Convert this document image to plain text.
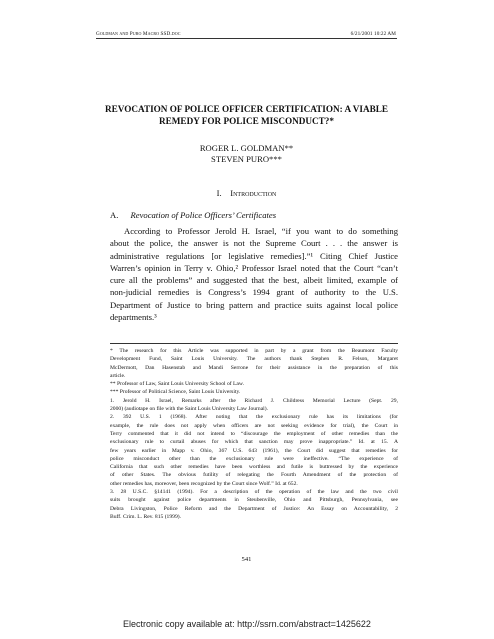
Goldman and Puro Macro SSD.doc	6/21/2001 10:22 AM
REVOCATION OF POLICE OFFICER CERTIFICATION: A VIABLE
REMEDY FOR POLICE MISCONDUCT?*
ROGER L. GOLDMAN**
STEVEN PURO***
I. Introduction
A. Revocation of Police Officers’ Certificates
According to Professor Jerold H. Israel, “if you want to do something
about the police, the answer is not the Supreme Court . . . the answer is
administrative regulations [or legislative remedies].”¹ Citing Chief Justice
Warren’s opinion in Terry v. Ohio,² Professor Israel noted that the Court “can’t
cure all the problems” and suggested that the best, albeit limited, example of
non-judicial remedies is Congress’s 1994 grant of authority to the U.S.
Department of Justice to bring pattern and practice suits against local police
departments.³
* The research for this Article was supported in part by a grant from the Beaumont Faculty
Development Fund, Saint Louis University. The authors thank Stephen R. Felson, Margaret
McDermott, Dan Hasenstab and Mandi Serrone for their assistance in the preparation of this
article.
** Professor of Law, Saint Louis University School of Law.
*** Professor of Political Science, Saint Louis University.
1. Jerold H. Israel, Remarks after the Richard J. Childress Memorial Lecture (Sept. 29,
2000) (audiotape on file with the Saint Louis University Law Journal).
2. 392 U.S. 1 (1968). After noting that the exclusionary rule has its limitations (for
example, the rule does not apply when officers are not seeking evidence for trial), the Court in
Terry commented that it did not intend to “discourage the employment of other remedies than the
exclusionary rule to curtail abuses for which that sanction may prove inappropriate.” Id. at 15. A
few years earlier in Mapp v. Ohio, 367 U.S. 643 (1961), the Court did suggest that remedies for
police misconduct other than the exclusionary rule were ineffective. “The experience of
California that such other remedies have been worthless and futile is buttressed by the experience
of other States. The obvious futility of relegating the Fourth Amendment of the protection of
other remedies has, moreover, been recognized by the Court since Wolf.” Id. at 652.
3. 28 U.S.C. §14141 (1994). For a description of the operation of the law and the two civil
suits brought against police departments in Steubenville, Ohio and Pittsburgh, Pennsylvania, see
Debra Livingston, Police Reform and the Department of Justice: An Essay on Accountability, 2
Buff. Crim. L. Rev. 815 (1999).
541
Electronic copy available at: http://ssrn.com/abstract=1425622
